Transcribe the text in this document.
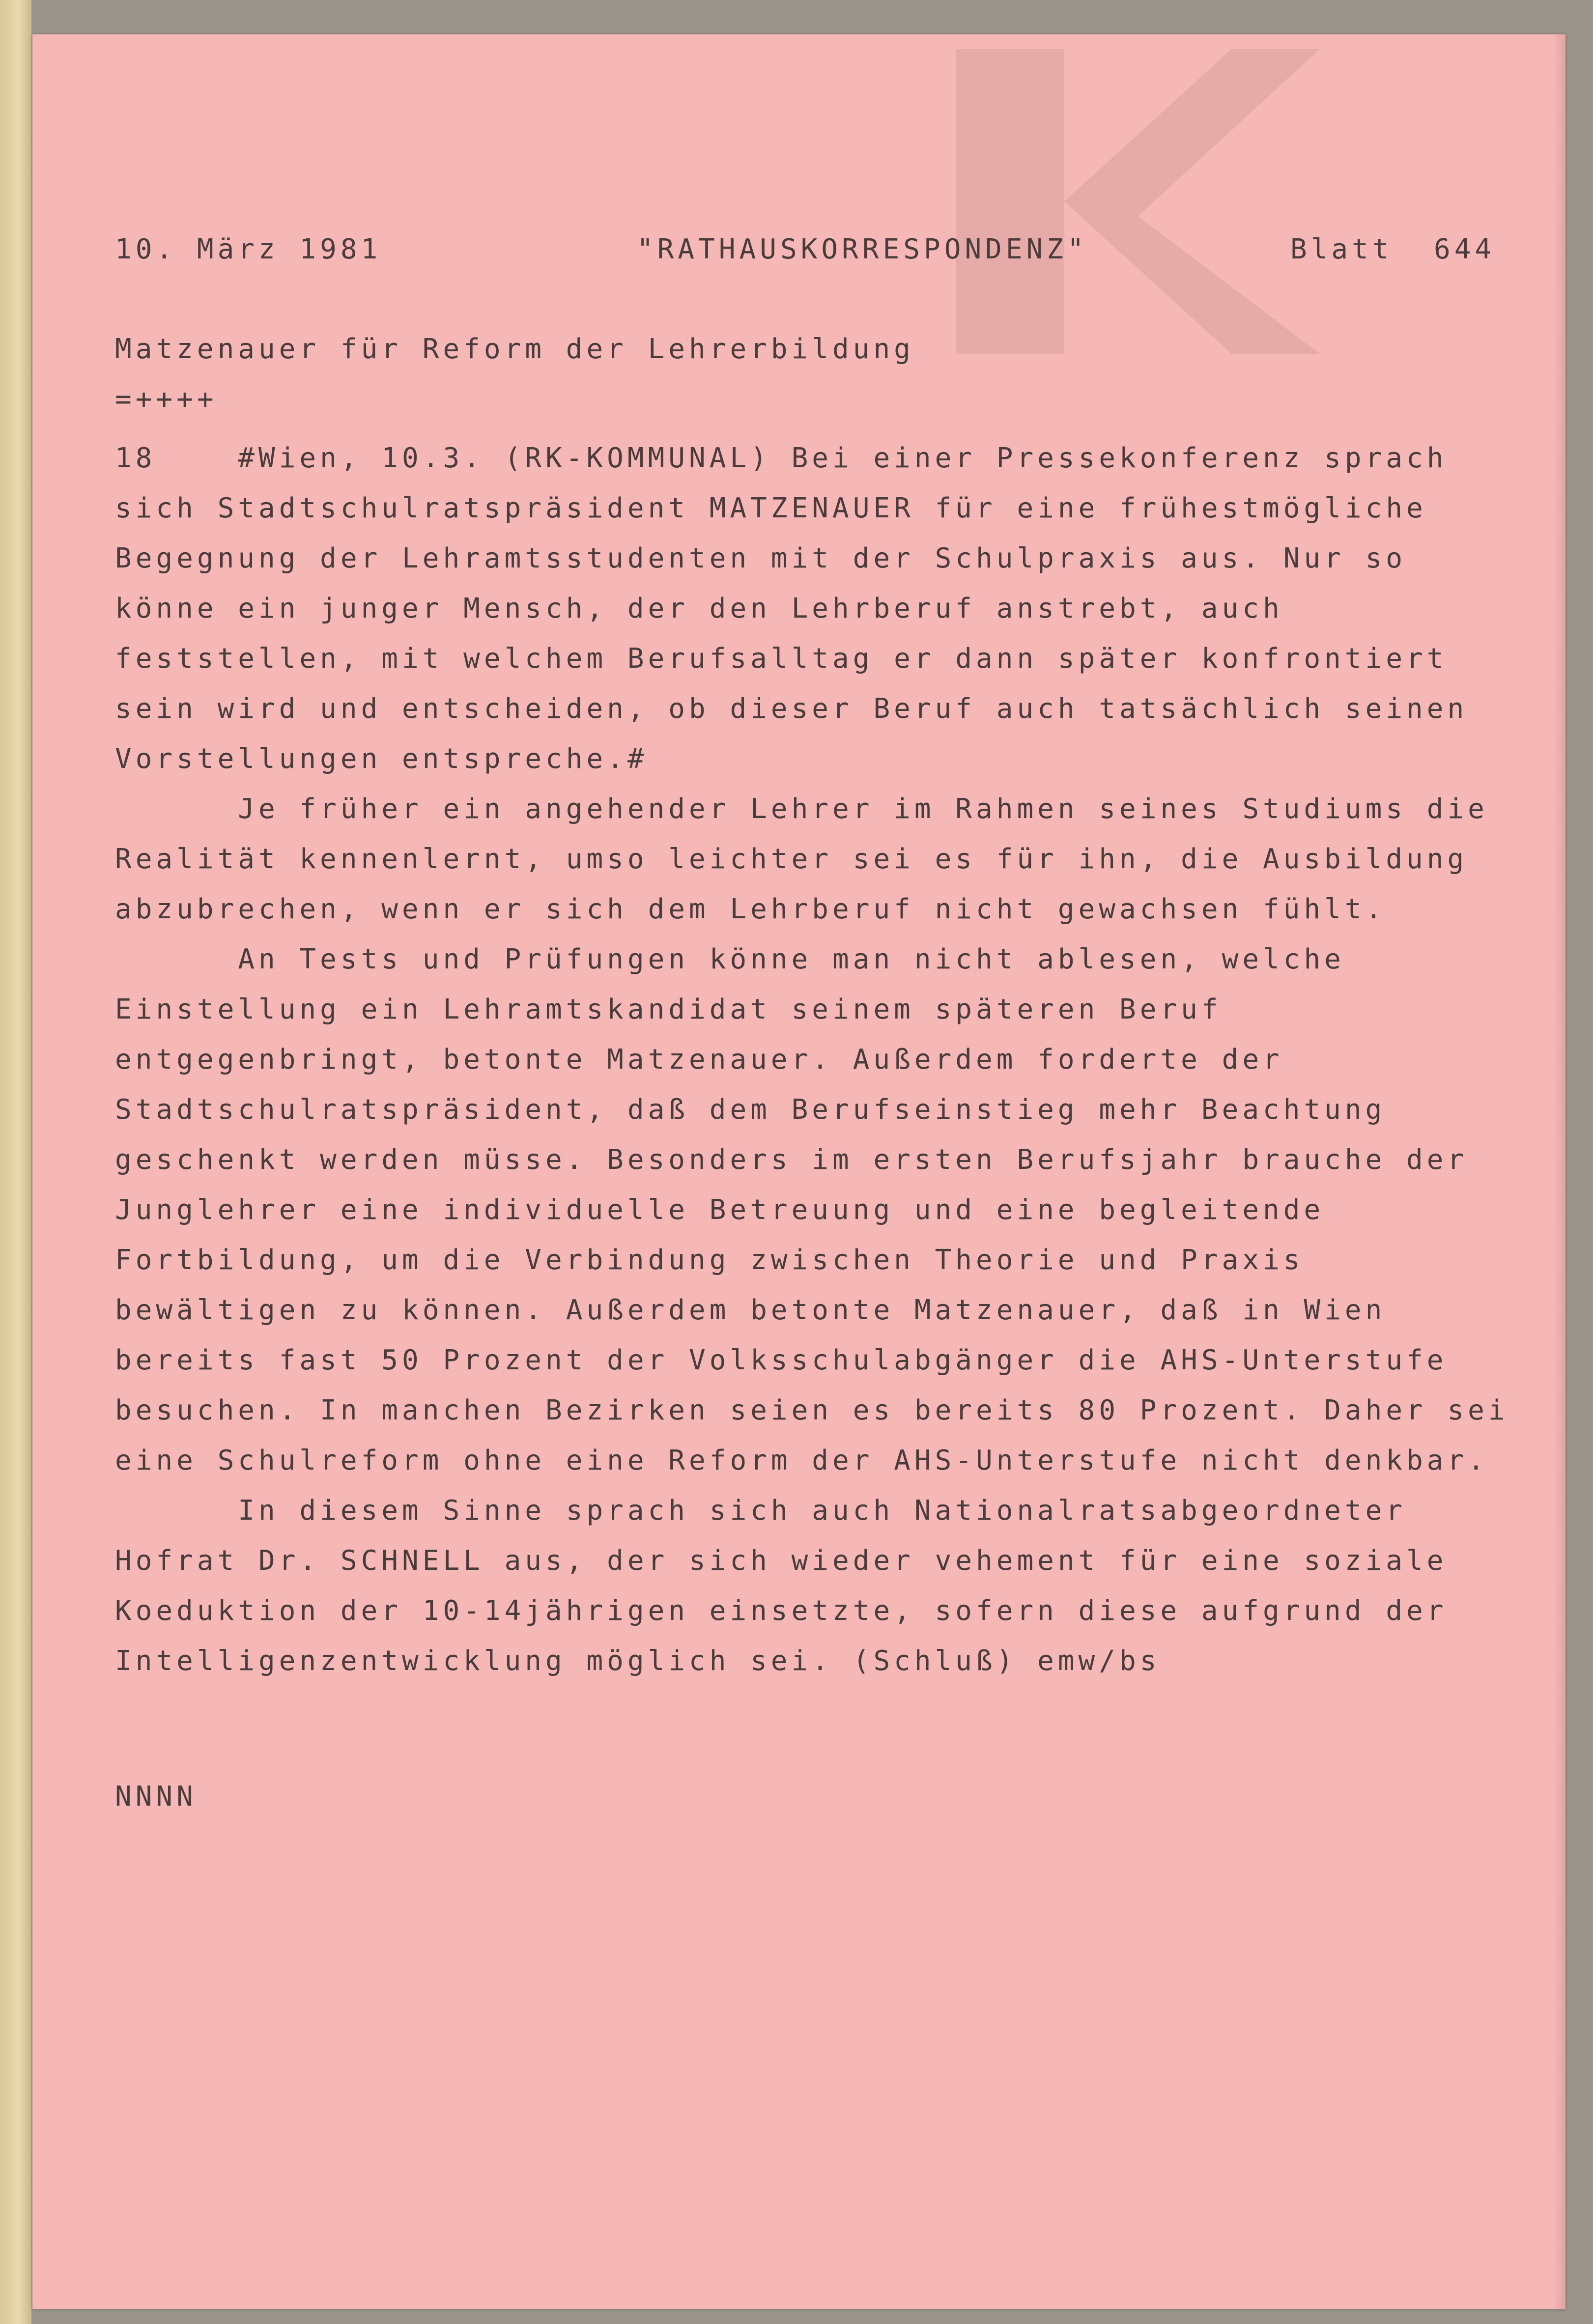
10. März 1981	"RATHAUSKORRESPONDENZ"	Blatt  644
Matzenauer für Reform der Lehrerbildung
=++++
18    #Wien, 10.3. (RK-KOMMUNAL) Bei einer Pressekonferenz sprach
sich Stadtschulratspräsident MATZENAUER für eine frühestmögliche
Begegnung der Lehramtsstudenten mit der Schulpraxis aus. Nur so
könne ein junger Mensch, der den Lehrberuf anstrebt, auch
feststellen, mit welchem Berufsalltag er dann später konfrontiert
sein wird und entscheiden, ob dieser Beruf auch tatsächlich seinen
Vorstellungen entspreche.#
Je früher ein angehender Lehrer im Rahmen seines Studiums die
Realität kennenlernt, umso leichter sei es für ihn, die Ausbildung
abzubrechen, wenn er sich dem Lehrberuf nicht gewachsen fühlt.
An Tests und Prüfungen könne man nicht ablesen, welche
Einstellung ein Lehramtskandidat seinem späteren Beruf
entgegenbringt, betonte Matzenauer. Außerdem forderte der
Stadtschulratspräsident, daß dem Berufseinstieg mehr Beachtung
geschenkt werden müsse. Besonders im ersten Berufsjahr brauche der
Junglehrer eine individuelle Betreuung und eine begleitende
Fortbildung, um die Verbindung zwischen Theorie und Praxis
bewältigen zu können. Außerdem betonte Matzenauer, daß in Wien
bereits fast 50 Prozent der Volksschulabgänger die AHS-Unterstufe
besuchen. In manchen Bezirken seien es bereits 80 Prozent. Daher sei
eine Schulreform ohne eine Reform der AHS-Unterstufe nicht denkbar.
In diesem Sinne sprach sich auch Nationalratsabgeordneter
Hofrat Dr. SCHNELL aus, der sich wieder vehement für eine soziale
Koeduktion der 10-14jährigen einsetzte, sofern diese aufgrund der
Intelligenzentwicklung möglich sei. (Schluß) emw/bs
NNNN
